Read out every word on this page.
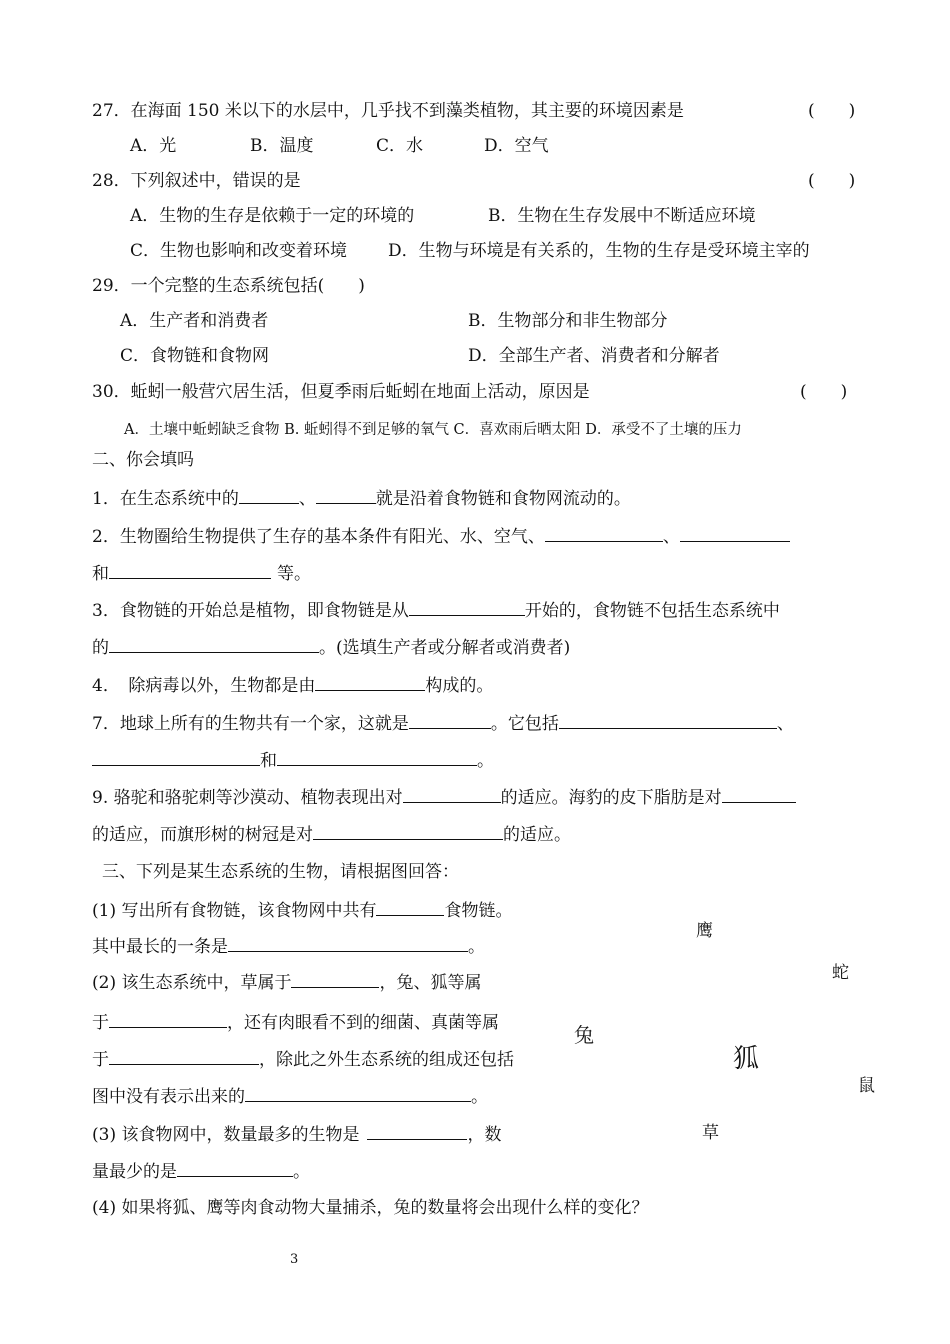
27．在海面 150 米以下的水层中，几乎找不到藻类植物，其主要的环境因素是	(　　)
A．光	B．温度	C．水	D．空气
28．下列叙述中，错误的是	(　　)
A．生物的生存是依赖于一定的环境的	B．生物在生存发展中不断适应环境
C．生物也影响和改变着环境 D．生物与环境是有关系的，生物的生存是受环境主宰的
29．一个完整的生态系统包括(　　)
A．生产者和消费者	B．生物部分和非生物部分
C．食物链和食物网	D．全部生产者、消费者和分解者
30．蚯蚓一般营穴居生活，但夏季雨后蚯蚓在地面上活动，原因是	(　　)
A．土壤中蚯蚓缺乏食物 B. 蚯蚓得不到足够的氧气 C．喜欢雨后晒太阳 D．承受不了土壤的压力
二、你会填吗
1．在生态系统中的	、	就是沿着食物链和食物网流动的。
2．生物圈给生物提供了生存的基本条件有阳光、水、空气、	、
和	等。
3．食物链的开始总是植物，即食物链是从	开始的，食物链不包括生态系统中
的	。(选填生产者或分解者或消费者)
4．　除病毒以外，生物都是由	构成的。
7．地球上所有的生物共有一个家，这就是	。它包括	、
和	。
9. 骆驼和骆驼刺等沙漠动、植物表现出对	的适应。海豹的皮下脂肪是对
的适应，而旗形树的树冠是对	的适应。
三、下列是某生态系统的生物，请根据图回答：
(1) 写出所有食物链，该食物网中共有	食物链。
其中最长的一条是	。
(2) 该生态系统中，草属于	，兔、狐等属
于	，还有肉眼看不到的细菌、真菌等属
于	，除此之外生态系统的组成还包括
图中没有表示出来的	。
(3) 该食物网中，数量最多的生物是	，数
量最少的是	。
(4) 如果将狐、鹰等肉食动物大量捕杀，兔的数量将会出现什么样的变化？
鹰
蛇
兔
狐
鼠
草
3
